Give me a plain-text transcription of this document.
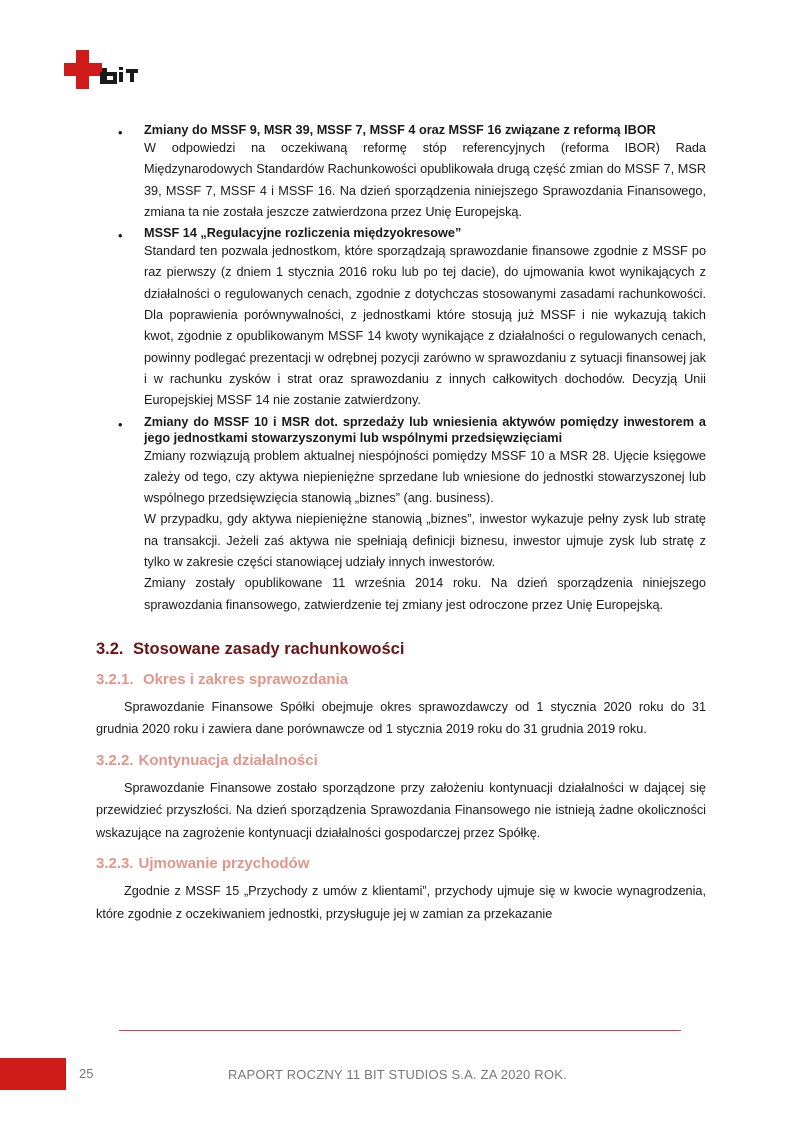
• Zmiany do MSSF 9, MSR 39, MSSF 7, MSSF 4 oraz MSSF 16 związane z reformą IBOR
W odpowiedzi na oczekiwaną reformę stóp referencyjnych (reforma IBOR) Rada Międzynarodowych Standardów Rachunkowości opublikowała drugą część zmian do MSSF 7, MSR 39, MSSF 7, MSSF 4 i MSSF 16. Na dzień sporządzenia niniejszego Sprawozdania Finansowego, zmiana ta nie została jeszcze zatwierdzona przez Unię Europejską.
• MSSF 14 „Regulacyjne rozliczenia międzyokresowe”
Standard ten pozwala jednostkom, które sporządzają sprawozdanie finansowe zgodnie z MSSF po raz pierwszy (z dniem 1 stycznia 2016 roku lub po tej dacie), do ujmowania kwot wynikających z działalności o regulowanych cenach, zgodnie z dotychczas stosowanymi zasadami rachunkowości. Dla poprawienia porównywalności, z jednostkami które stosują już MSSF i nie wykazują takich kwot, zgodnie z opublikowanym MSSF 14 kwoty wynikające z działalności o regulowanych cenach, powinny podlegać prezentacji w odrębnej pozycji zarówno w sprawozdaniu z sytuacji finansowej jak i w rachunku zysków i strat oraz sprawozdaniu z innych całkowitych dochodów. Decyzją Unii Europejskiej MSSF 14 nie zostanie zatwierdzony.
• Zmiany do MSSF 10 i MSR dot. sprzedaży lub wniesienia aktywów pomiędzy inwestorem a jego jednostkami stowarzyszonymi lub wspólnymi przedsięwzięciami
Zmiany rozwiązują problem aktualnej niespójności pomiędzy MSSF 10 a MSR 28. Ujęcie księgowe zależy od tego, czy aktywa niepieniężne sprzedane lub wniesione do jednostki stowarzyszonej lub wspólnego przedsięwzięcia stanowią „biznes” (ang. business).
W przypadku, gdy aktywa niepieniężne stanowią „biznes”, inwestor wykazuje pełny zysk lub stratę na transakcji. Jeżeli zaś aktywa nie spełniają definicji biznesu, inwestor ujmuje zysk lub stratę z tylko w zakresie części stanowiącej udziały innych inwestorów.
Zmiany zostały opublikowane 11 września 2014 roku. Na dzień sporządzenia niniejszego sprawozdania finansowego, zatwierdzenie tej zmiany jest odroczone przez Unię Europejską.
3.2. Stosowane zasady rachunkowości
3.2.1. Okres i zakres sprawozdania

Sprawozdanie Finansowe Spółki obejmuje okres sprawozdawczy od 1 stycznia 2020 roku do 31 grudnia 2020 roku i zawiera dane porównawcze od 1 stycznia 2019 roku do 31 grudnia 2019 roku.

3.2.2. Kontynuacja działalności

Sprawozdanie Finansowe zostało sporządzone przy założeniu kontynuacji działalności w dającej się przewidzieć przyszłości. Na dzień sporządzenia Sprawozdania Finansowego nie istnieją żadne okoliczności wskazujące na zagrożenie kontynuacji działalności gospodarczej przez Spółkę.

3.2.3. Ujmowanie przychodów

Zgodnie z MSSF 15 „Przychody z umów z klientami”, przychody ujmuje się w kwocie wynagrodzenia, które zgodnie z oczekiwaniem jednostki, przysługuje jej w zamian za przekazanie

25	RAPORT ROCZNY 11 BIT STUDIOS S.A. ZA 2020 ROK.
